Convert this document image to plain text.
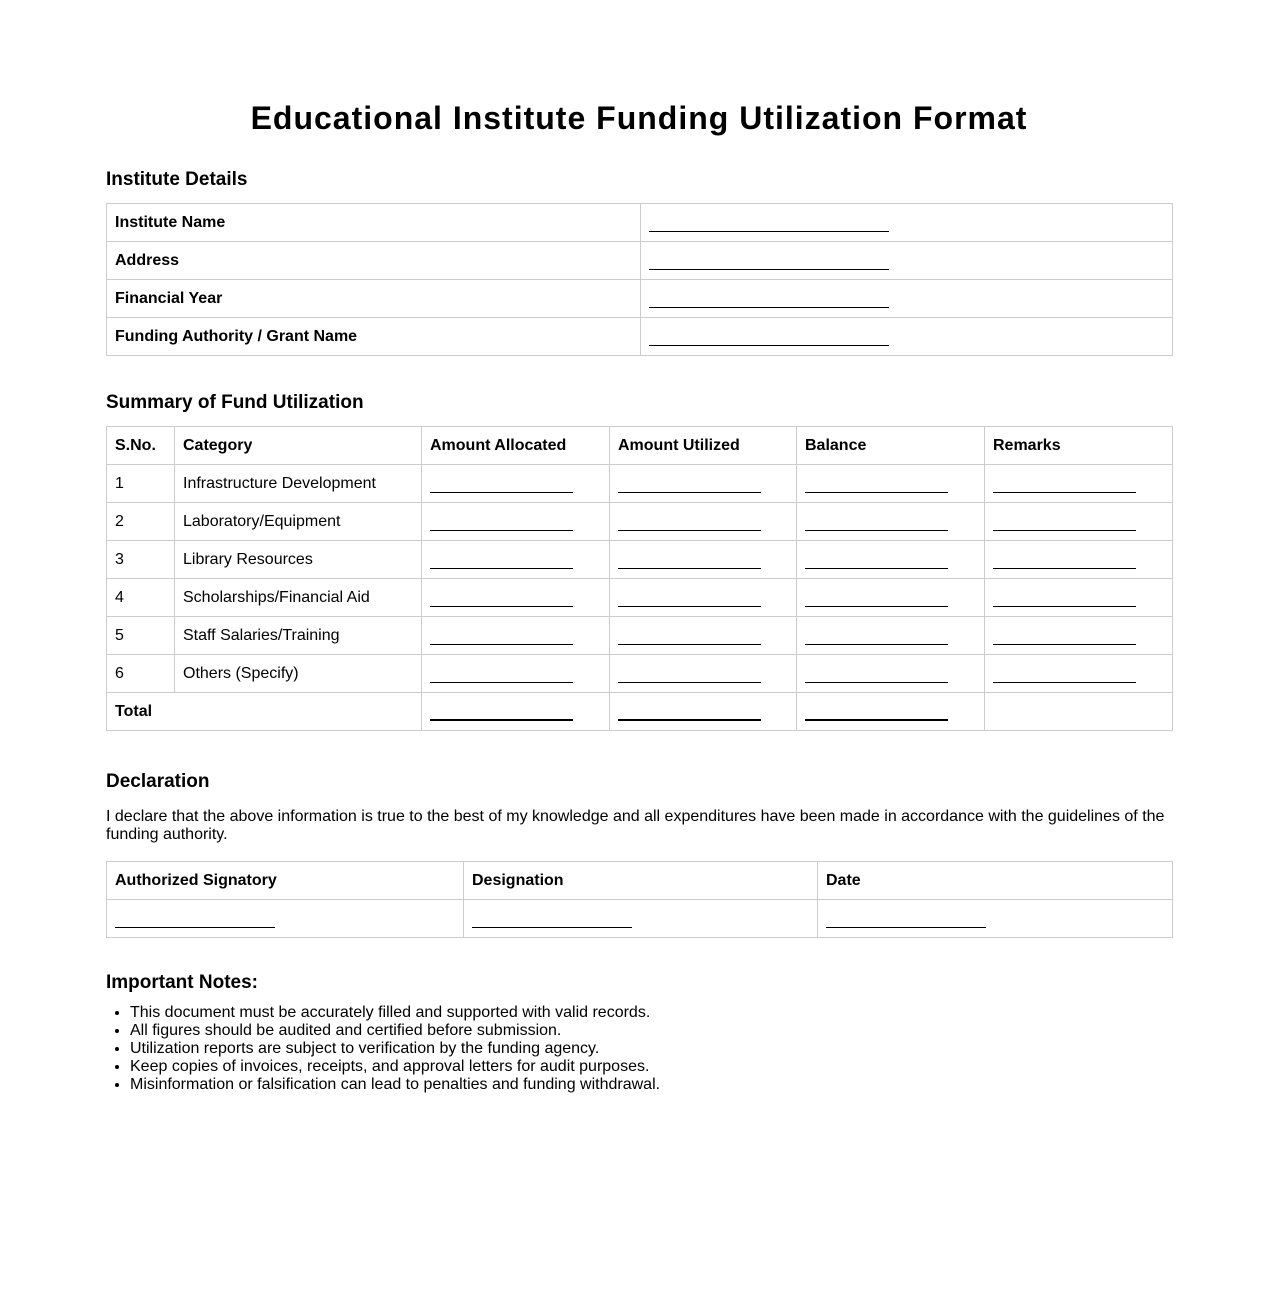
Educational Institute Funding Utilization Format
Institute Details
Institute Name	
Address	
Financial Year	
Funding Authority / Grant Name	
Summary of Fund Utilization
S.No.	Category	Amount Allocated	Amount Utilized	Balance	Remarks
1	Infrastructure Development				
2	Laboratory/Equipment				
3	Library Resources				
4	Scholarships/Financial Aid				
5	Staff Salaries/Training				
6	Others (Specify)				
Total					
Declaration

I declare that the above information is true to the best of my knowledge and all expenditures have been made in accordance with the guidelines of the funding authority.

Authorized Signatory	Designation	Date

Important Notes:
• This document must be accurately filled and supported with valid records.
• All figures should be audited and certified before submission.
• Utilization reports are subject to verification by the funding agency.
• Keep copies of invoices, receipts, and approval letters for audit purposes.
• Misinformation or falsification can lead to penalties and funding withdrawal.
